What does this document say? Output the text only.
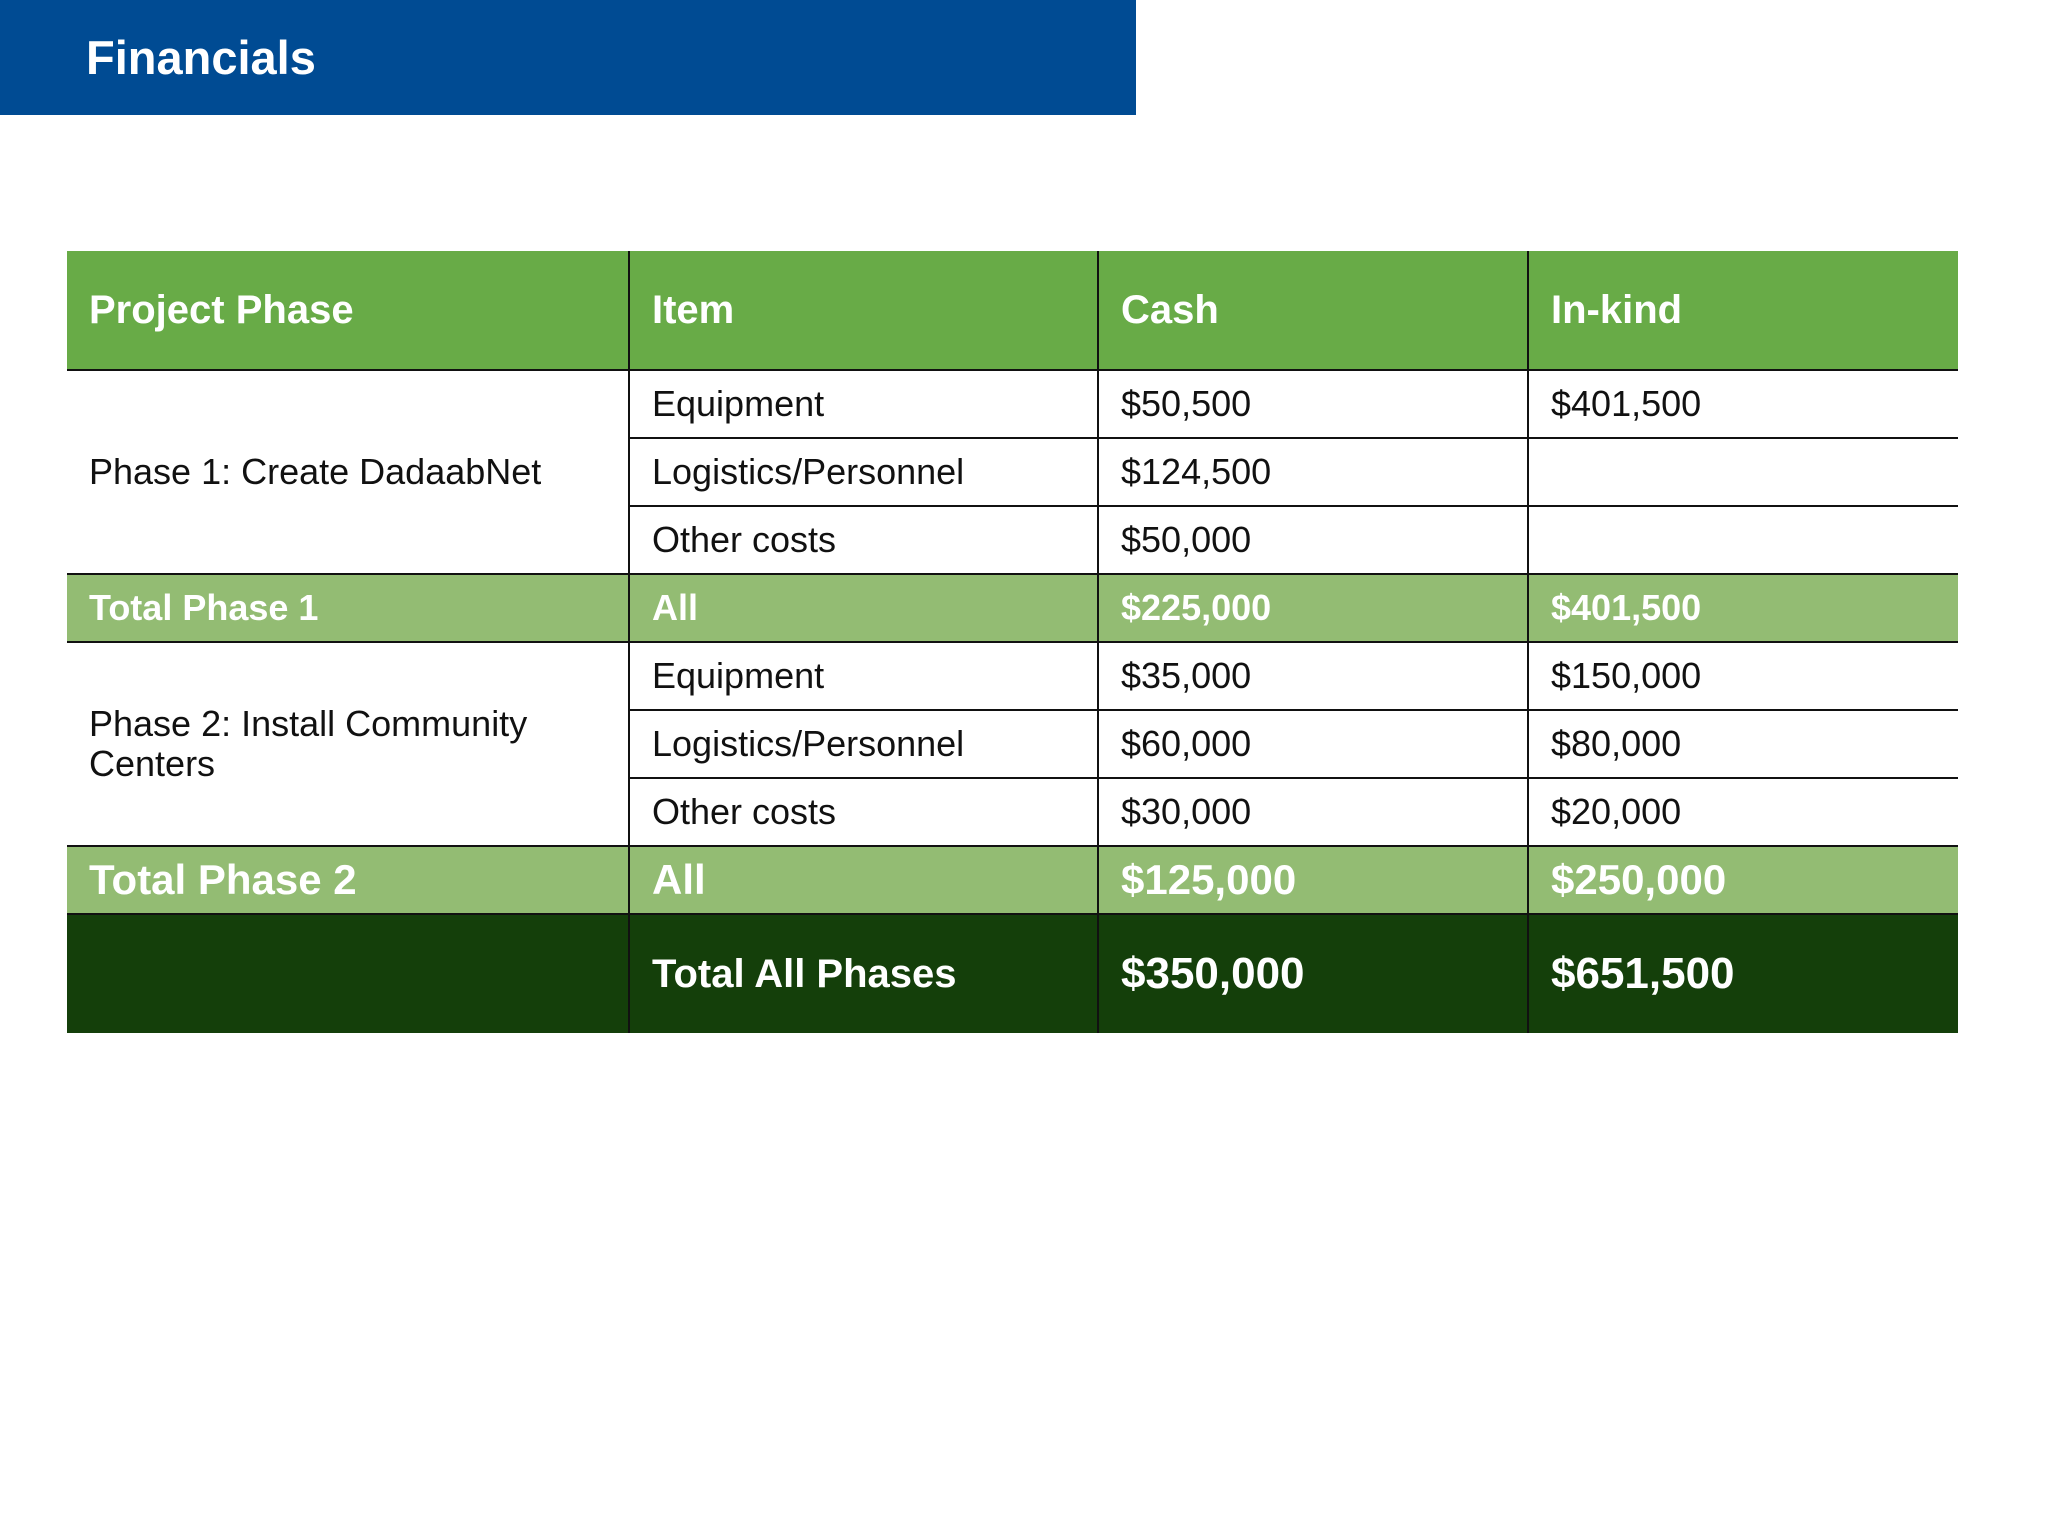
Financials
Project Phase	Item	Cash	In-kind
Phase 1: Create DadaabNet	Equipment	$50,500	$401,500
	Logistics/Personnel	$124,500	
	Other costs	$50,000	
Total Phase 1	All	$225,000	$401,500
Phase 2: Install Community Centers	Equipment	$35,000	$150,000
	Logistics/Personnel	$60,000	$80,000
	Other costs	$30,000	$20,000
Total Phase 2	All	$125,000	$250,000
	Total All Phases	$350,000	$651,500
